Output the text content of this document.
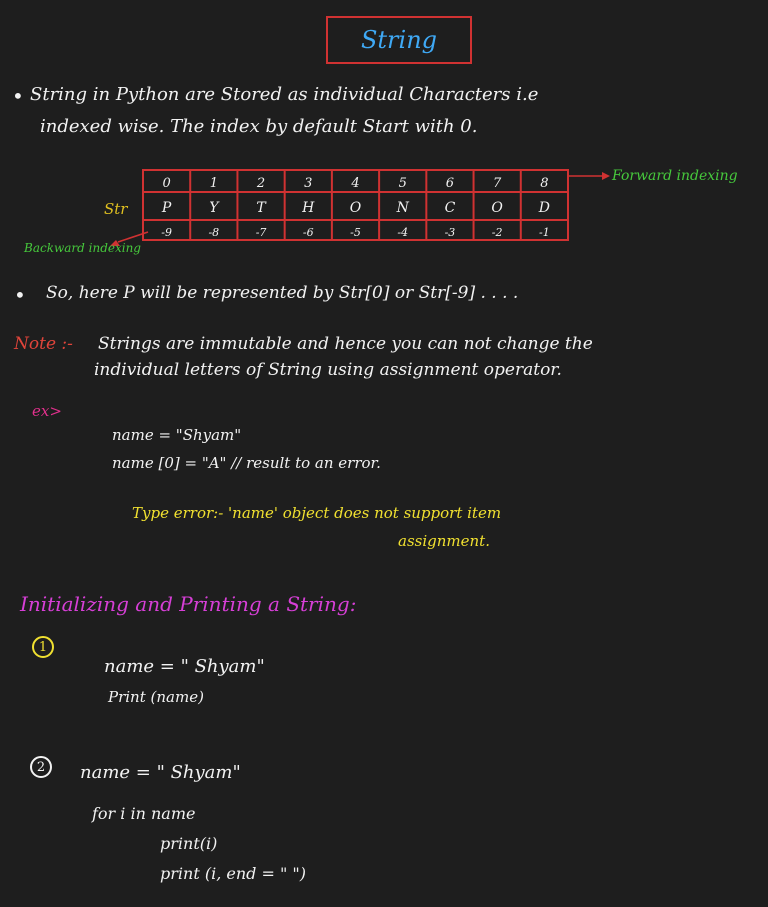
String
• String in Python are Stored as individual Characters i.e
indexed wise. The index by default Start with 0.
0	1	2	3	4	5	6	7	8
P	Y	T	H	O	N	C	O	D
-9	-8	-7	-6	-5	-4	-3	-2	-1
Str
Forward indexing
Backward indexing
• So, here P will be represented by Str[0] or Str[-9] . . . .
Note :- Strings are immutable and hence you can not change the
individual letters of String using assignment operator.
ex>
name = "Shyam"
name [0] = "A" // result to an error.
Type error:- 'name' object does not support item
assignment.
Initializing and Printing a String:
1
name = " Shyam"
Print (name)
2 name = " Shyam"
for i in name
print(i)
print (i, end = " ")
